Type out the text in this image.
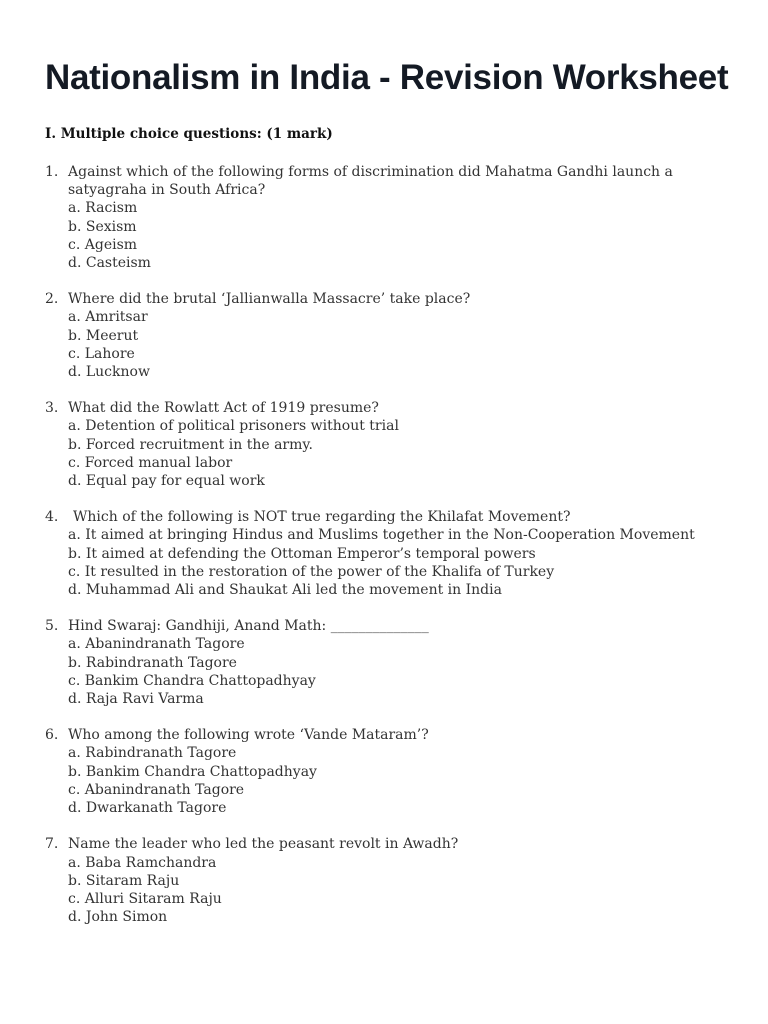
Nationalism in India - Revision Worksheet
I. Multiple choice questions: (1 mark)
1. Against which of the following forms of discrimination did Mahatma Gandhi launch a satyagraha in South Africa?
a. Racism
b. Sexism
c. Ageism
d. Casteism
2. Where did the brutal ‘Jallianwalla Massacre’ take place?
a. Amritsar
b. Meerut
c. Lahore
d. Lucknow
3. What did the Rowlatt Act of 1919 presume?
a. Detention of political prisoners without trial
b. Forced recruitment in the army.
c. Forced manual labor
d. Equal pay for equal work
4.	Which of the following is NOT true regarding the Khilafat Movement?
a. It aimed at bringing Hindus and Muslims together in the Non-Cooperation Movement
b. It aimed at defending the Ottoman Emperor’s temporal powers
c. It resulted in the restoration of the power of the Khalifa of Turkey
d. Muhammad Ali and Shaukat Ali led the movement in India
5. Hind Swaraj: Gandhiji, Anand Math: ______________
a. Abanindranath Tagore
b. Rabindranath Tagore
c. Bankim Chandra Chattopadhyay
d. Raja Ravi Varma
6. Who among the following wrote ‘Vande Mataram’?
a. Rabindranath Tagore
b. Bankim Chandra Chattopadhyay
c. Abanindranath Tagore
d. Dwarkanath Tagore
7. Name the leader who led the peasant revolt in Awadh?
a. Baba Ramchandra
b. Sitaram Raju
c. Alluri Sitaram Raju
d. John Simon
